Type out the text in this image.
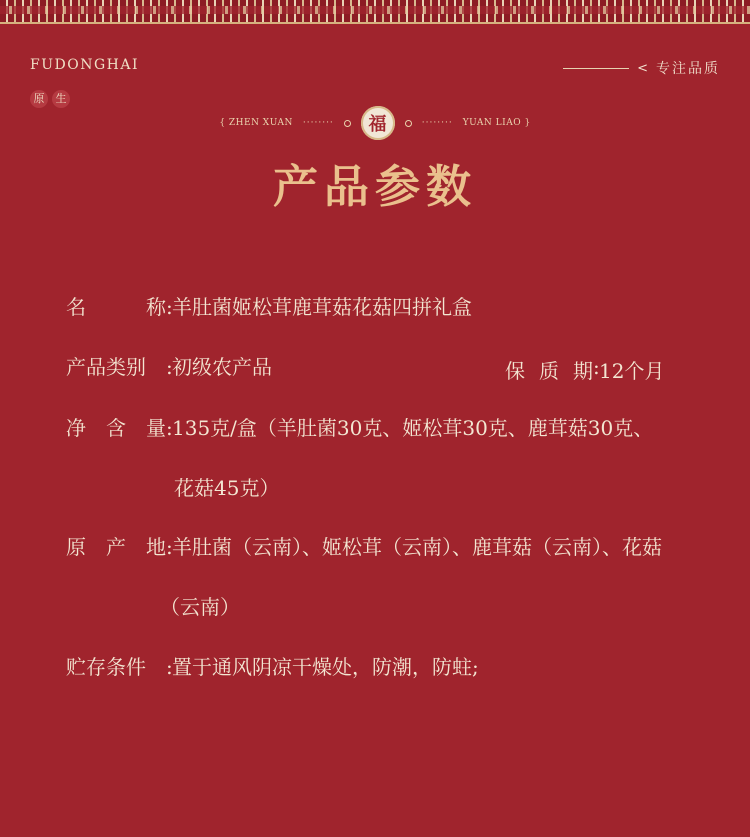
FUDONGHAI
原	生
< 专注品质
{ ZHEN XUAN ········	福	········ YUAN LIAO }
产品参数
名	称 : 羊肚菌姬松茸鹿茸菇花菇四拼礼盒
产品类别 : 初级农产品	保 质 期 : 12个月
净 含 量 : 135克/盒（羊肚菌30克、姬松茸30克、鹿茸菇30克、
花菇45克）
原 产 地 : 羊肚菌（云南）、姬松茸（云南）、鹿茸菇（云南）、花菇
（云南）
贮存条件 : 置于通风阴凉干燥处，防潮，防蛀;
